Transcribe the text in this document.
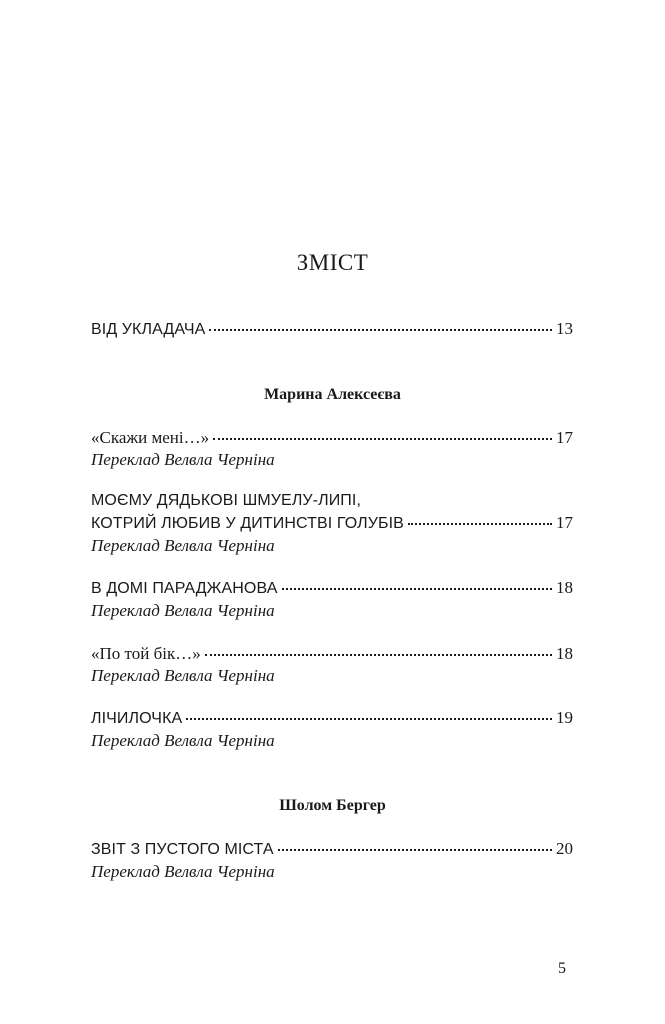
ЗМІСТ
ВІД УКЛАДАЧА	13
Марина Алексеєва
«Скажи мені…»	17
Переклад Велвла Черніна
МОЄМУ ДЯДЬКОВІ ШМУЕЛУ-ЛИПІ,
КОТРИЙ ЛЮБИВ У ДИТИНСТВІ ГОЛУБІВ	17
Переклад Велвла Черніна
В ДОМІ ПАРАДЖАНОВА	18
Переклад Велвла Черніна
«По той бік…»	18
Переклад Велвла Черніна
ЛІЧИЛОЧКА	19
Переклад Велвла Черніна
Шолом Бергер
ЗВІТ З ПУСТОГО МІСТА	20
Переклад Велвла Черніна
5
